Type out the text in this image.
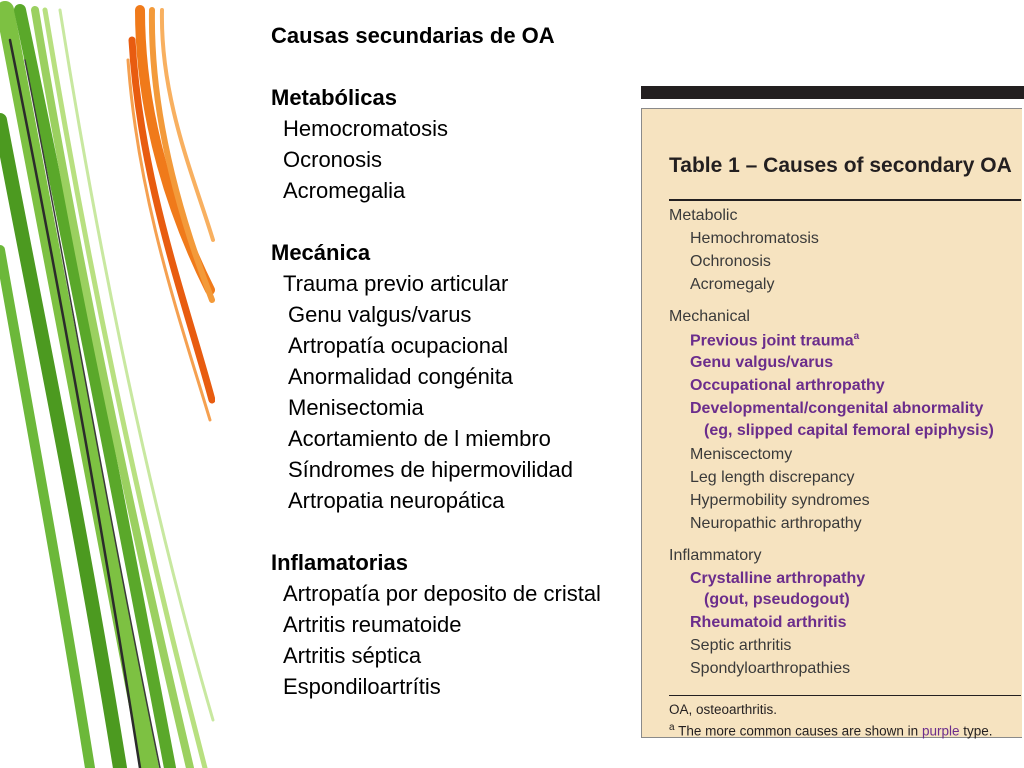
Causas secundarias de OA
Metabólicas
Hemocromatosis
Ocronosis
Acromegalia
Mecánica
Trauma previo articular
Genu valgus/varus
Artropatía ocupacional
Anormalidad congénita
Menisectomia
Acortamiento de l miembro
Síndromes de hipermovilidad
Artropatia neuropática
Inflamatorias
Artropatía por deposito de cristal
Artritis reumatoide
Artritis séptica
Espondiloartrítis
Table 1 – Causes of secondary OA
Metabolic
Hemochromatosis
Ochronosis
Acromegaly
Mechanical
Previous joint trauma$^a$
Genu valgus/varus
Occupational arthropathy
Developmental/congenital abnormality
(eg, slipped capital femoral epiphysis)
Meniscectomy
Leg length discrepancy
Hypermobility syndromes
Neuropathic arthropathy
Inflammatory
Crystalline arthropathy
(gout, pseudogout)
Rheumatoid arthritis
Septic arthritis
Spondyloarthropathies
OA, osteoarthritis.
$^a$ The more common causes are shown in purple type.
